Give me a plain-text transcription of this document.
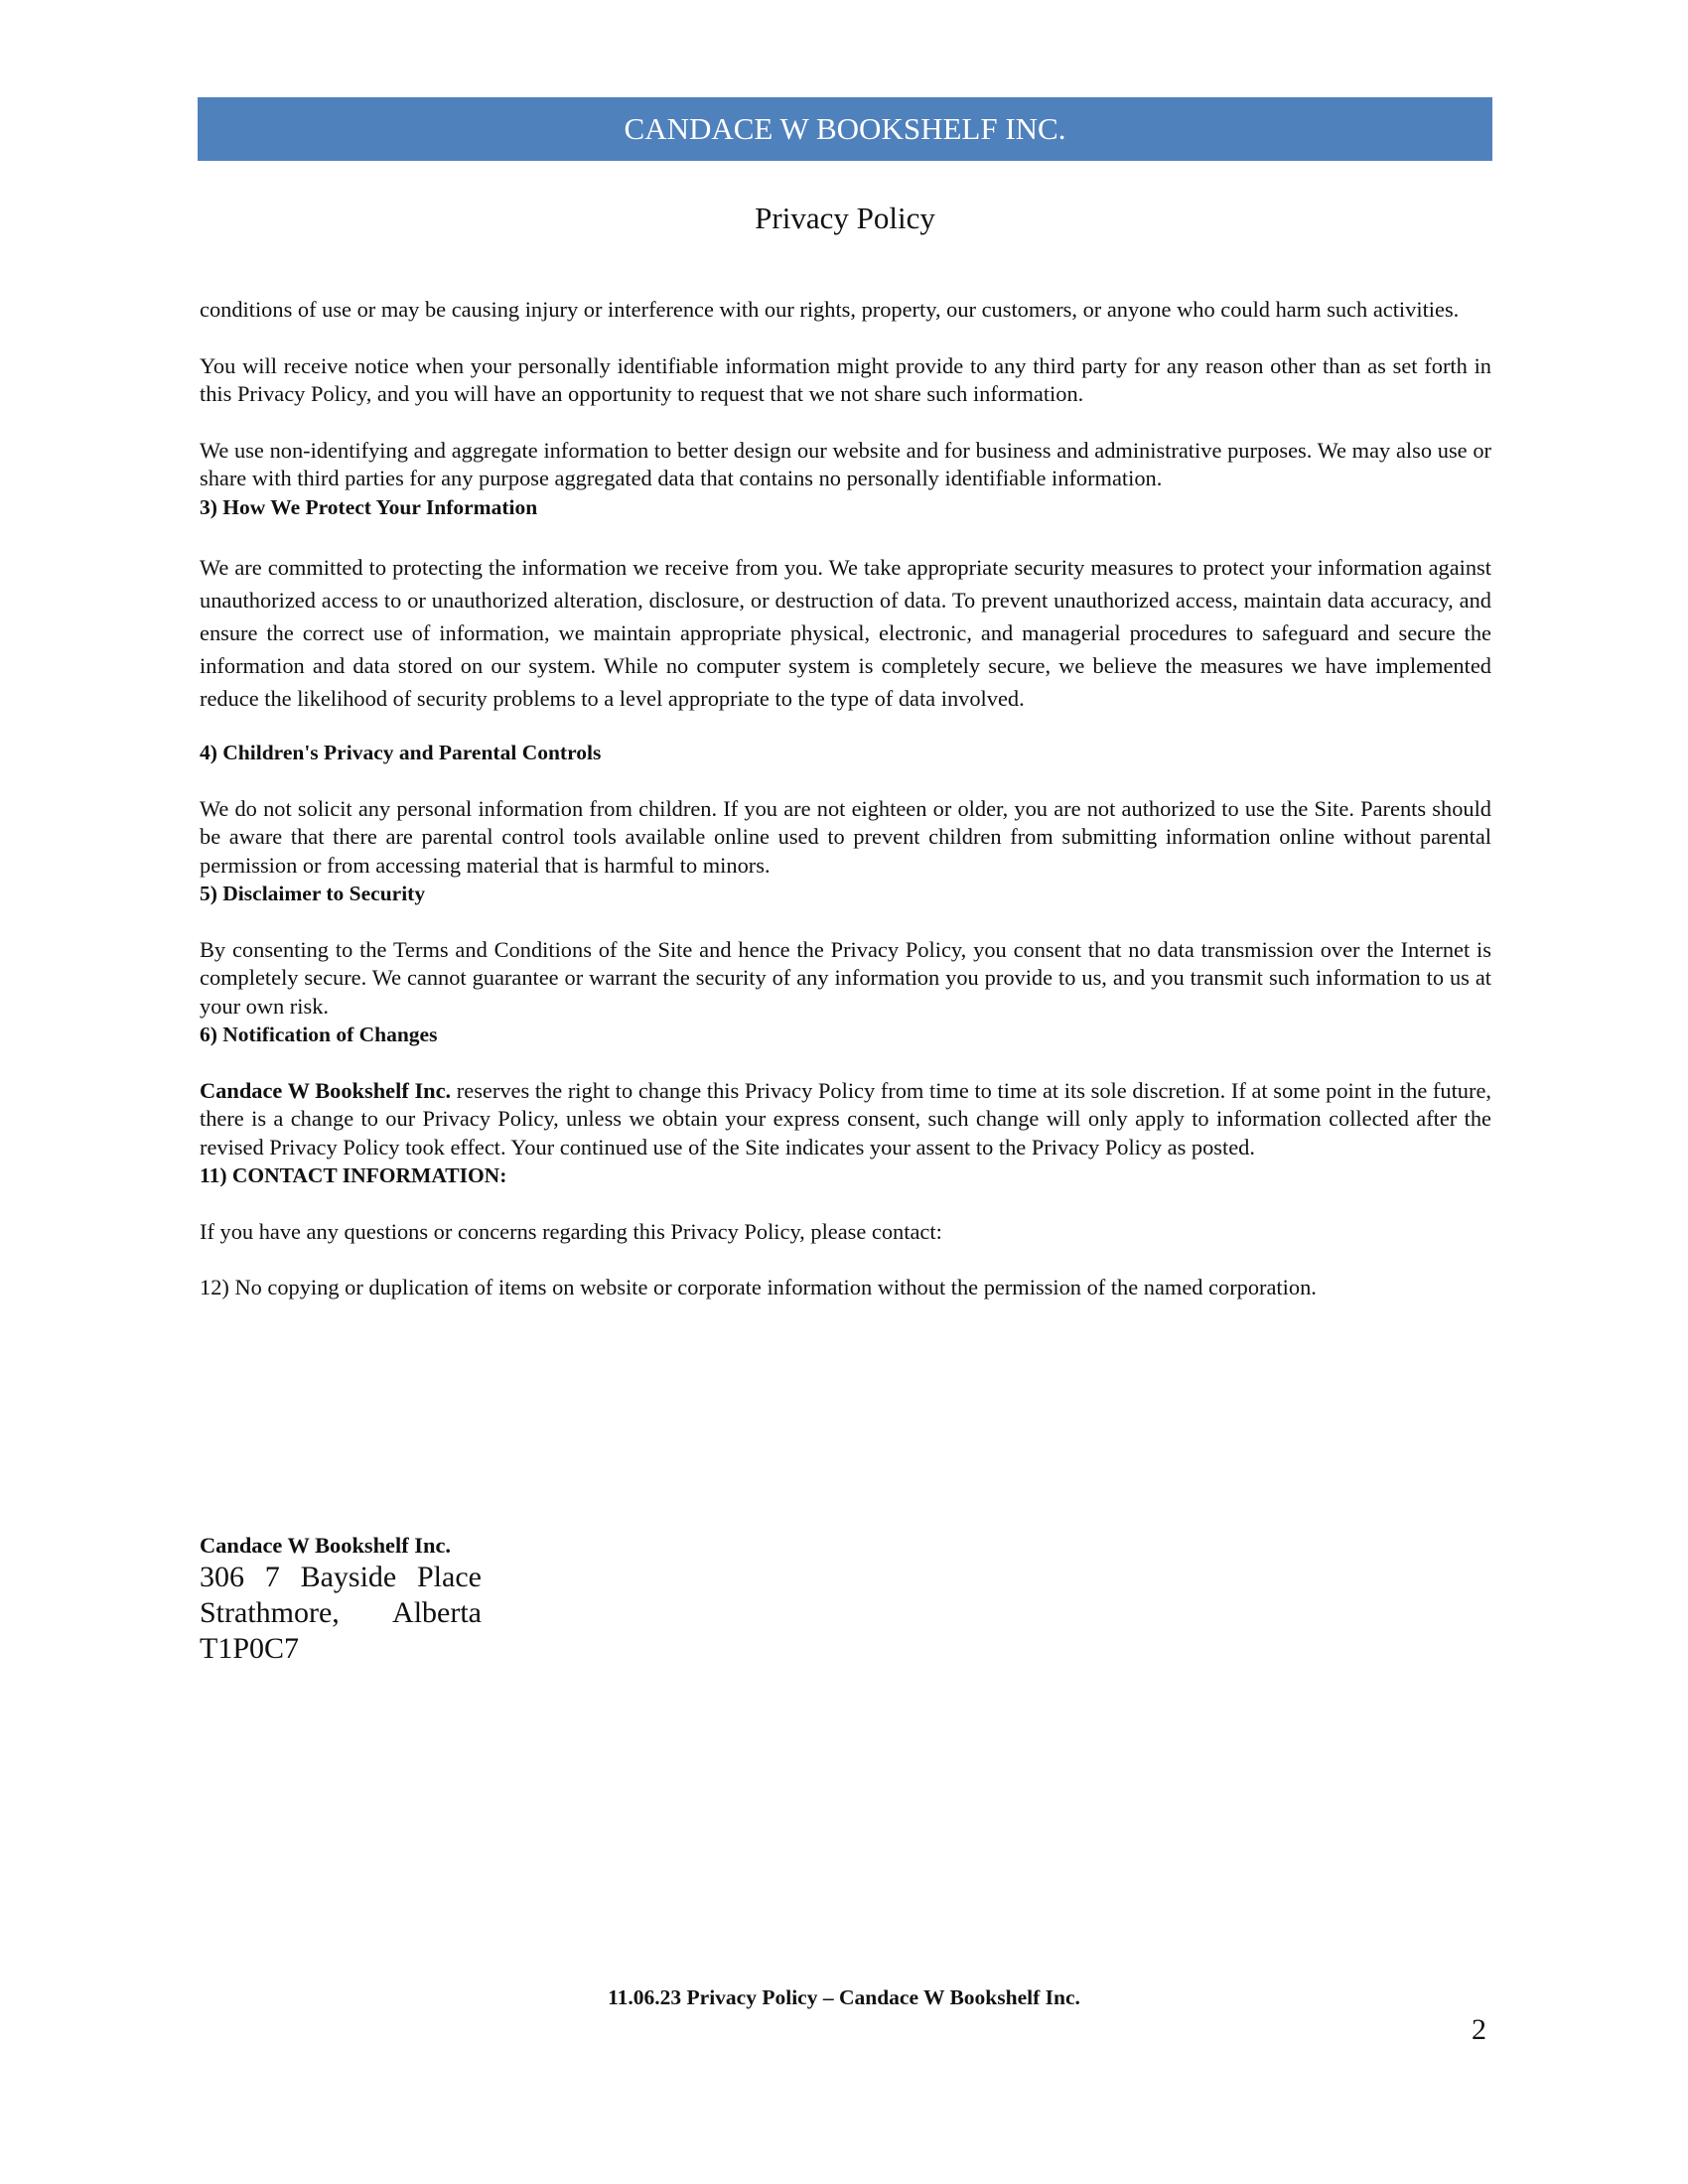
CANDACE W BOOKSHELF INC.
Privacy Policy

conditions of use or may be causing injury or interference with our rights, property, our customers, or anyone who could harm such activities.

You will receive notice when your personally identifiable information might provide to any third party for any reason other than as set forth in this Privacy Policy, and you will have an opportunity to request that we not share such information.

We use non-identifying and aggregate information to better design our website and for business and administrative purposes. We may also use or share with third parties for any purpose aggregated data that contains no personally identifiable information.

3) How We Protect Your Information

We are committed to protecting the information we receive from you. We take appropriate security measures to protect your information against unauthorized access to or unauthorized alteration, disclosure, or destruction of data. To prevent unauthorized access, maintain data accuracy, and ensure the correct use of information, we maintain appropriate physical, electronic, and managerial procedures to safeguard and secure the information and data stored on our system. While no computer system is completely secure, we believe the measures we have implemented reduce the likelihood of security problems to a level appropriate to the type of data involved.

4) Children's Privacy and Parental Controls

We do not solicit any personal information from children. If you are not eighteen or older, you are not authorized to use the Site. Parents should be aware that there are parental control tools available online used to prevent children from submitting information online without parental permission or from accessing material that is harmful to minors.

5) Disclaimer to Security

By consenting to the Terms and Conditions of the Site and hence the Privacy Policy, you consent that no data transmission over the Internet is completely secure. We cannot guarantee or warrant the security of any information you provide to us, and you transmit such information to us at your own risk.

6) Notification of Changes

Candace W Bookshelf Inc. reserves the right to change this Privacy Policy from time to time at its sole discretion. If at some point in the future, there is a change to our Privacy Policy, unless we obtain your express consent, such change will only apply to information collected after the revised Privacy Policy took effect. Your continued use of the Site indicates your assent to the Privacy Policy as posted.

11) CONTACT INFORMATION:

If you have any questions or concerns regarding this Privacy Policy, please contact:

12) No copying or duplication of items on website or corporate information without the permission of the named corporation.

Candace W Bookshelf Inc.
306 7 Bayside Place
Strathmore, Alberta
T1P0C7
11.06.23 Privacy Policy – Candace W Bookshelf Inc.
2
